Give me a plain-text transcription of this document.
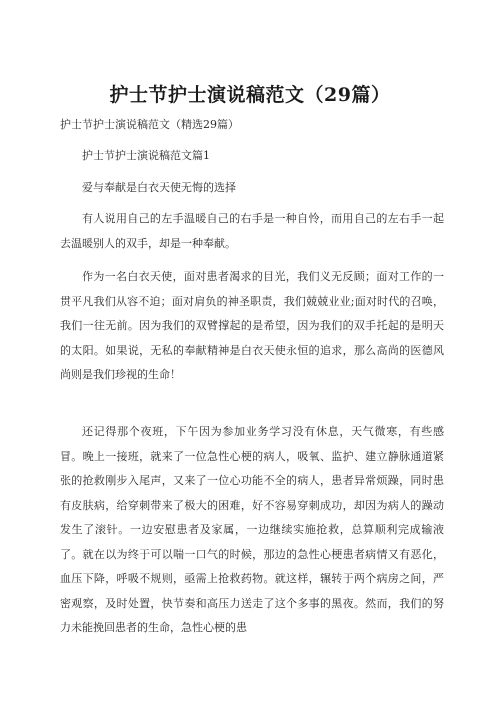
护士节护士演说稿范文（29篇）
护士节护士演说稿范文（精选29篇）

护士节护士演说稿范文篇1

爱与奉献是白衣天使无悔的选择

有人说用自己的左手温暖自己的右手是一种自怜，而用自己的左右手一起去温暖别人的双手，却是一种奉献。

作为一名白衣天使，面对患者渴求的目光，我们义无反顾；面对工作的一贯平凡我们从容不迫；面对肩负的神圣职责，我们兢兢业业;面对时代的召唤，我们一往无前。因为我们的双臂撑起的是希望，因为我们的双手托起的是明天的太阳。如果说，无私的奉献精神是白衣天使永恒的追求，那么高尚的医德风尚则是我们珍视的生命！

还记得那个夜班，下午因为参加业务学习没有休息，天气微寒，有些感冒。晚上一接班，就来了一位急性心梗的病人，吸氧、监护、建立静脉通道紧张的抢救刚步入尾声，又来了一位心功能不全的病人，患者异常烦躁，同时患有皮肤病，给穿刺带来了极大的困难，好不容易穿刺成功，却因为病人的躁动发生了滚针。一边安慰患者及家属，一边继续实施抢救，总算顺利完成输液了。就在以为终于可以喘一口气的时候，那边的急性心梗患者病情又有恶化，血压下降，呼吸不规则，亟需上抢救药物。就这样，辗转于两个病房之间，严密观察，及时处置，快节奏和高压力送走了这个多事的黑夜。然而，我们的努力未能挽回患者的生命，急性心梗的患
